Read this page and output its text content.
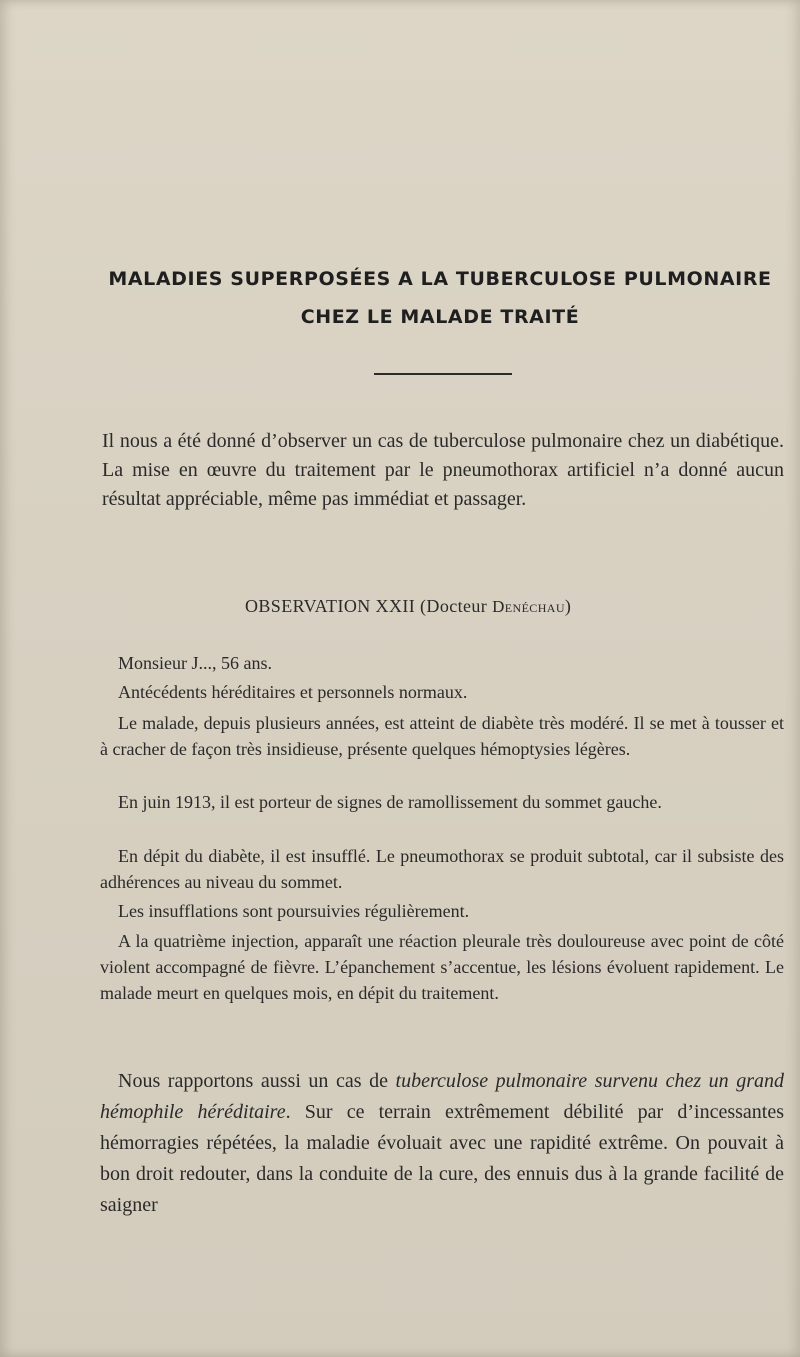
MALADIES SUPERPOSÉES A LA TUBERCULOSE PULMONAIRE
CHEZ LE MALADE TRAITÉ

Il nous a été donné d’observer un cas de tuberculose pulmonaire chez un diabétique. La mise en œuvre du traitement par le pneumothorax artificiel n’a donné aucun résultat appréciable, même pas immédiat et passager.

OBSERVATION XXII (Docteur Denéchau)

Monsieur J..., 56 ans.

Antécédents héréditaires et personnels normaux.

Le malade, depuis plusieurs années, est atteint de diabète très modéré. Il se met à tousser et à cracher de façon très insidieuse, présente quelques hémoptysies légères.

En juin 1913, il est porteur de signes de ramollissement du sommet gauche.

En dépit du diabète, il est insufflé. Le pneumothorax se produit subtotal, car il subsiste des adhérences au niveau du sommet.

Les insufflations sont poursuivies régulièrement.

A la quatrième injection, apparaît une réaction pleurale très douloureuse avec point de côté violent accompagné de fièvre. L’épanchement s’accentue, les lésions évoluent rapidement. Le malade meurt en quelques mois, en dépit du traitement.

Nous rapportons aussi un cas de tuberculose pulmonaire survenu chez un grand hémophile héréditaire. Sur ce terrain extrêmement débilité par d’incessantes hémorragies répétées, la maladie évoluait avec une rapidité extrême. On pouvait à bon droit redouter, dans la conduite de la cure, des ennuis dus à la grande facilité de saigner
